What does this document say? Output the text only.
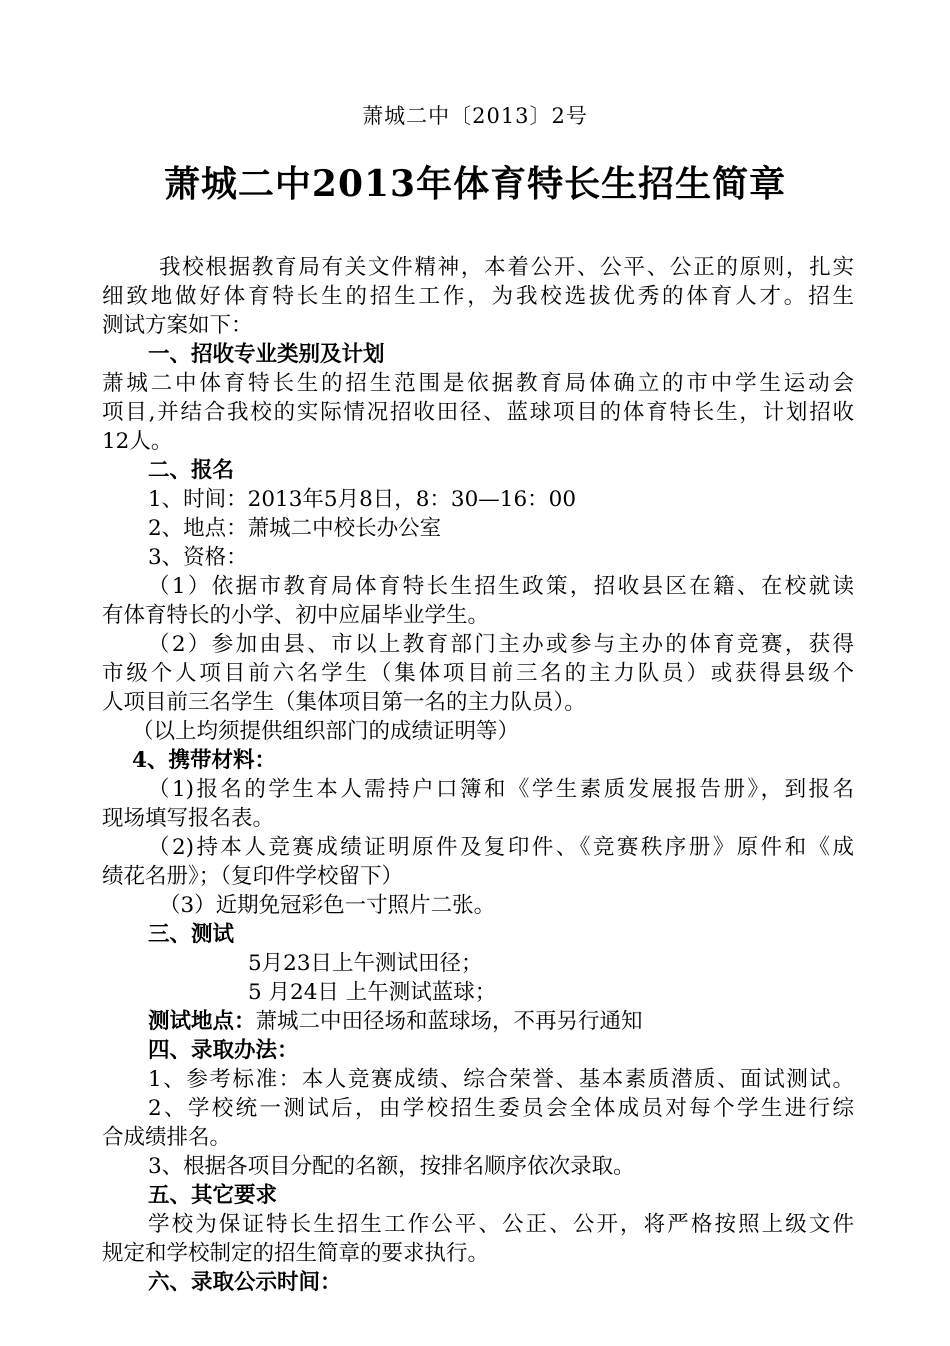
萧城二中〔2013〕2号
萧城二中2013年体育特长生招生简章
我校根据教育局有关文件精神，本着公开、公平、公正的原则，扎实
细致地做好体育特长生的招生工作，为我校选拔优秀的体育人才。招生
测试方案如下：
一、招收专业类别及计划
萧城二中体育特长生的招生范围是依据教育局体确立的市中学生运动会
项目,并结合我校的实际情况招收田径、蓝球项目的体育特长生，计划招收
12人。
二、报名
1、时间：2013年5月8日，8：30—16：00
2、地点：萧城二中校长办公室
3、资格：
（1）依据市教育局体育特长生招生政策，招收县区在籍、在校就读
有体育特长的小学、初中应届毕业学生。
（2）参加由县、市以上教育部门主办或参与主办的体育竞赛，获得
市级个人项目前六名学生（集体项目前三名的主力队员）或获得县级个
人项目前三名学生（集体项目第一名的主力队员）。
（以上均须提供组织部门的成绩证明等）
4、携带材料：
（1)报名的学生本人需持户口簿和《学生素质发展报告册》，到报名
现场填写报名表。
（2)持本人竞赛成绩证明原件及复印件、《竞赛秩序册》原件和《成
绩花名册》；（复印件学校留下）
（3）近期免冠彩色一寸照片二张。
三、测试
5月23日上午测试田径；
5 月24日 上午测试蓝球；
测试地点：萧城二中田径场和蓝球场，不再另行通知
四、录取办法：
1、参考标准：本人竞赛成绩、综合荣誉、基本素质潜质、面试测试。
2、学校统一测试后，由学校招生委员会全体成员对每个学生进行综
合成绩排名。
3、根据各项目分配的名额，按排名顺序依次录取。
五、其它要求
学校为保证特长生招生工作公平、公正、公开，将严格按照上级文件
规定和学校制定的招生简章的要求执行。
六、录取公示时间：
